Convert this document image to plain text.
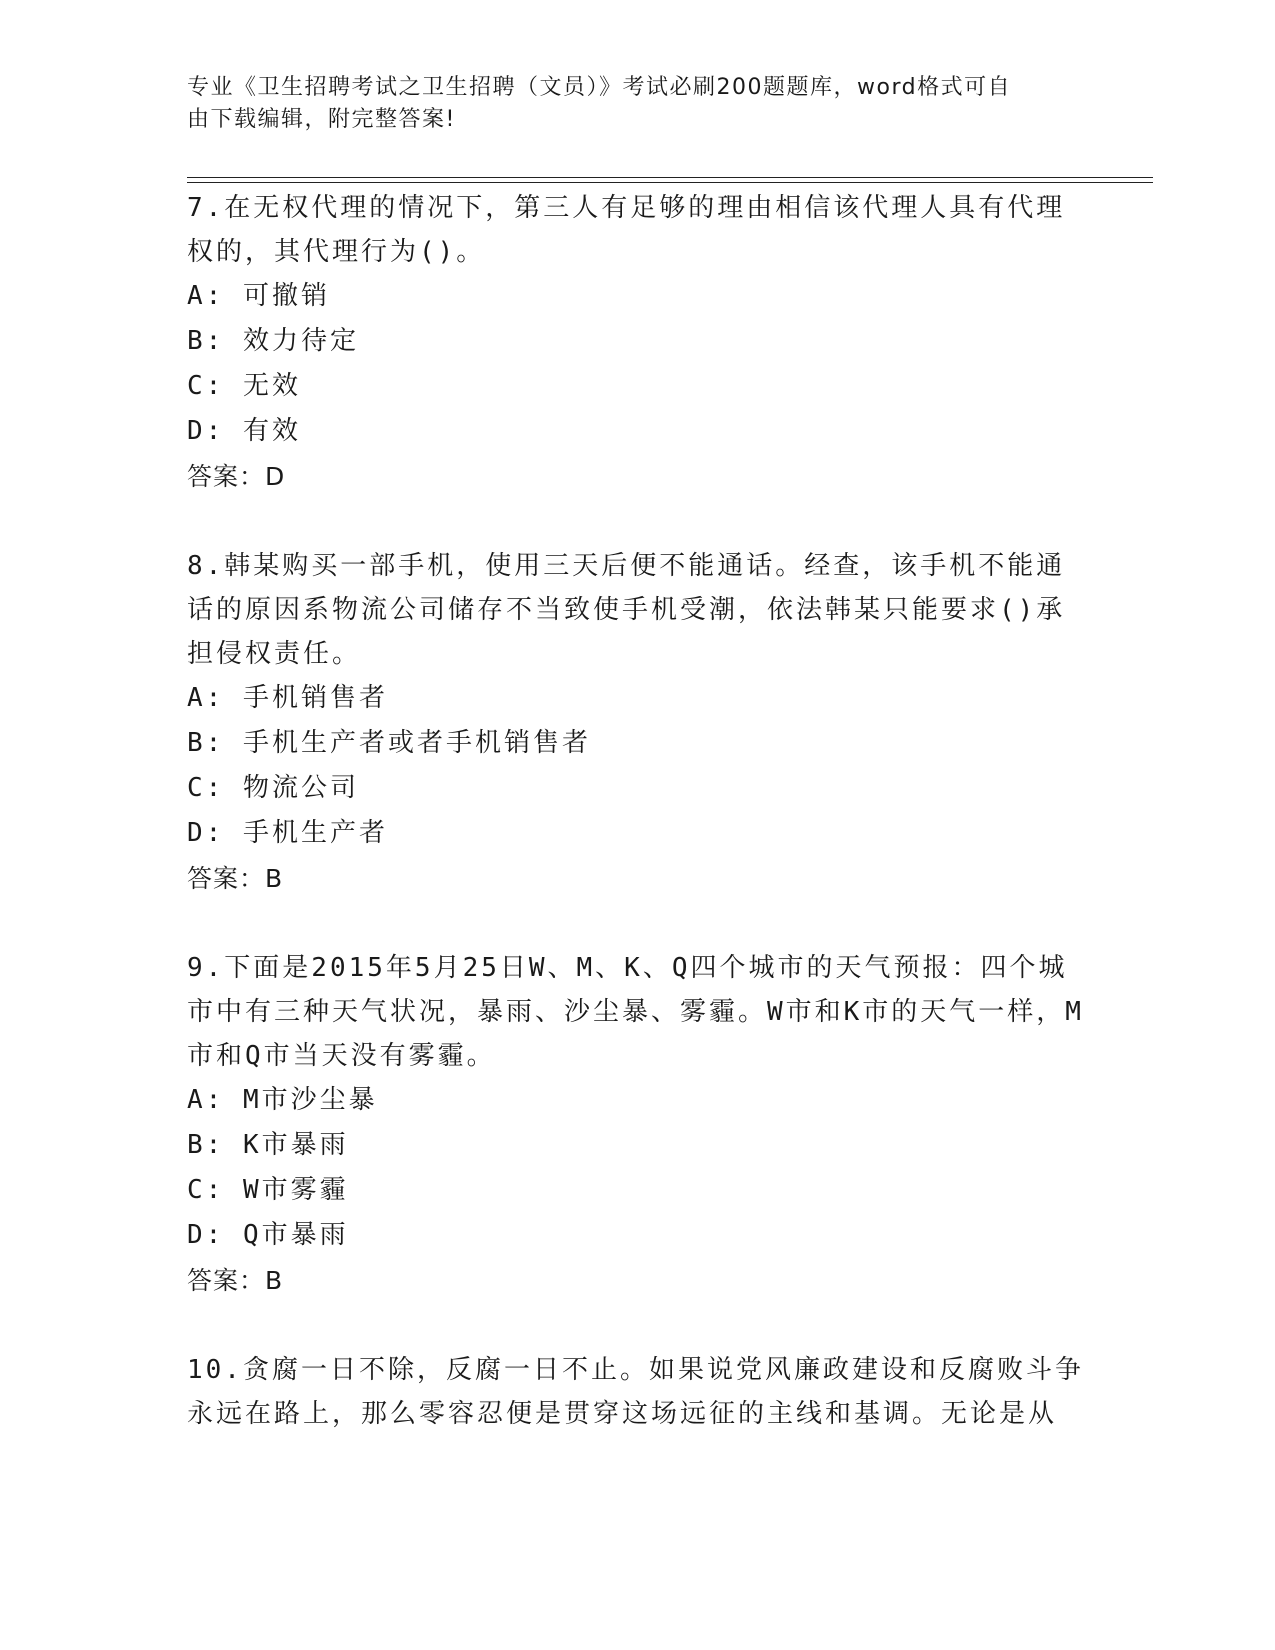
专业《卫生招聘考试之卫生招聘（文员）》考试必刷200题题库，word格式可自
由下载编辑，附完整答案!

7.在无权代理的情况下，第三人有足够的理由相信该代理人具有代理权的，其代理行为()。

A: 可撤销

B: 效力待定

C: 无效

D: 有效

答案：D

8.韩某购买一部手机，使用三天后便不能通话。经查，该手机不能通话的原因系物流公司储存不当致使手机受潮，依法韩某只能要求()承担侵权责任。

A: 手机销售者

B: 手机生产者或者手机销售者

C: 物流公司

D: 手机生产者

答案：B

9.下面是2015年5月25日W、M、K、Q四个城市的天气预报：四个城市中有三种天气状况，暴雨、沙尘暴、雾霾。W市和K市的天气一样，M市和Q市当天没有雾霾。

A: M市沙尘暴

B: K市暴雨

C: W市雾霾

D: Q市暴雨

答案：B

10.贪腐一日不除，反腐一日不止。如果说党风廉政建设和反腐败斗争永远在路上，那么零容忍便是贯穿这场远征的主线和基调。无论是从
